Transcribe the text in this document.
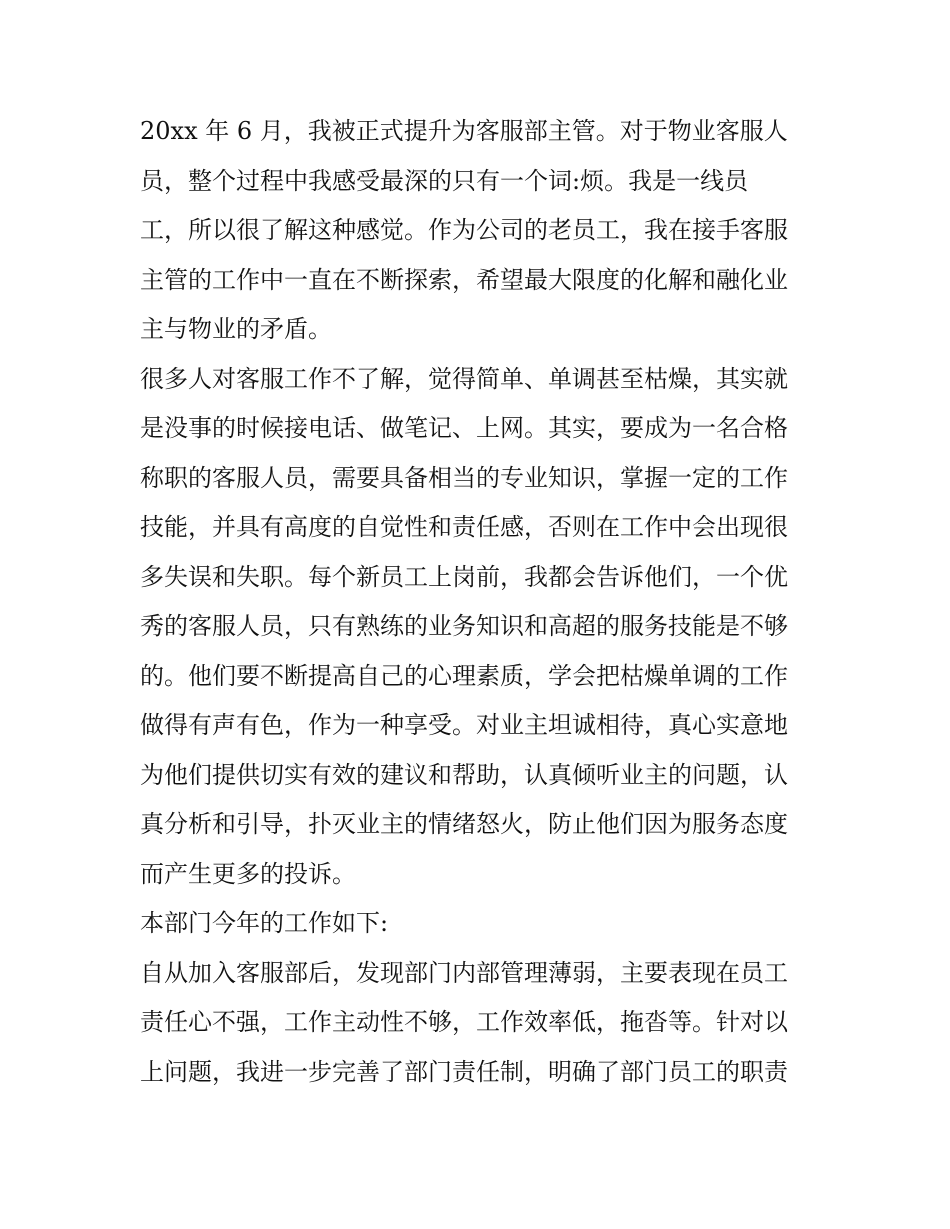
20xx 年 6 月，我被正式提升为客服部主管。对于物业客服人
员，整个过程中我感受最深的只有一个词:烦。我是一线员
工，所以很了解这种感觉。作为公司的老员工，我在接手客服
主管的工作中一直在不断探索，希望最大限度的化解和融化业
主与物业的矛盾。
很多人对客服工作不了解，觉得简单、单调甚至枯燥，其实就
是没事的时候接电话、做笔记、上网。其实，要成为一名合格
称职的客服人员，需要具备相当的专业知识，掌握一定的工作
技能，并具有高度的自觉性和责任感，否则在工作中会出现很
多失误和失职。每个新员工上岗前，我都会告诉他们，一个优
秀的客服人员，只有熟练的业务知识和高超的服务技能是不够
的。他们要不断提高自己的心理素质，学会把枯燥单调的工作
做得有声有色，作为一种享受。对业主坦诚相待，真心实意地
为他们提供切实有效的建议和帮助，认真倾听业主的问题，认
真分析和引导，扑灭业主的情绪怒火，防止他们因为服务态度
而产生更多的投诉。
本部门今年的工作如下:
自从加入客服部后，发现部门内部管理薄弱，主要表现在员工
责任心不强，工作主动性不够，工作效率低，拖沓等。针对以
上问题，我进一步完善了部门责任制，明确了部门员工的职责
